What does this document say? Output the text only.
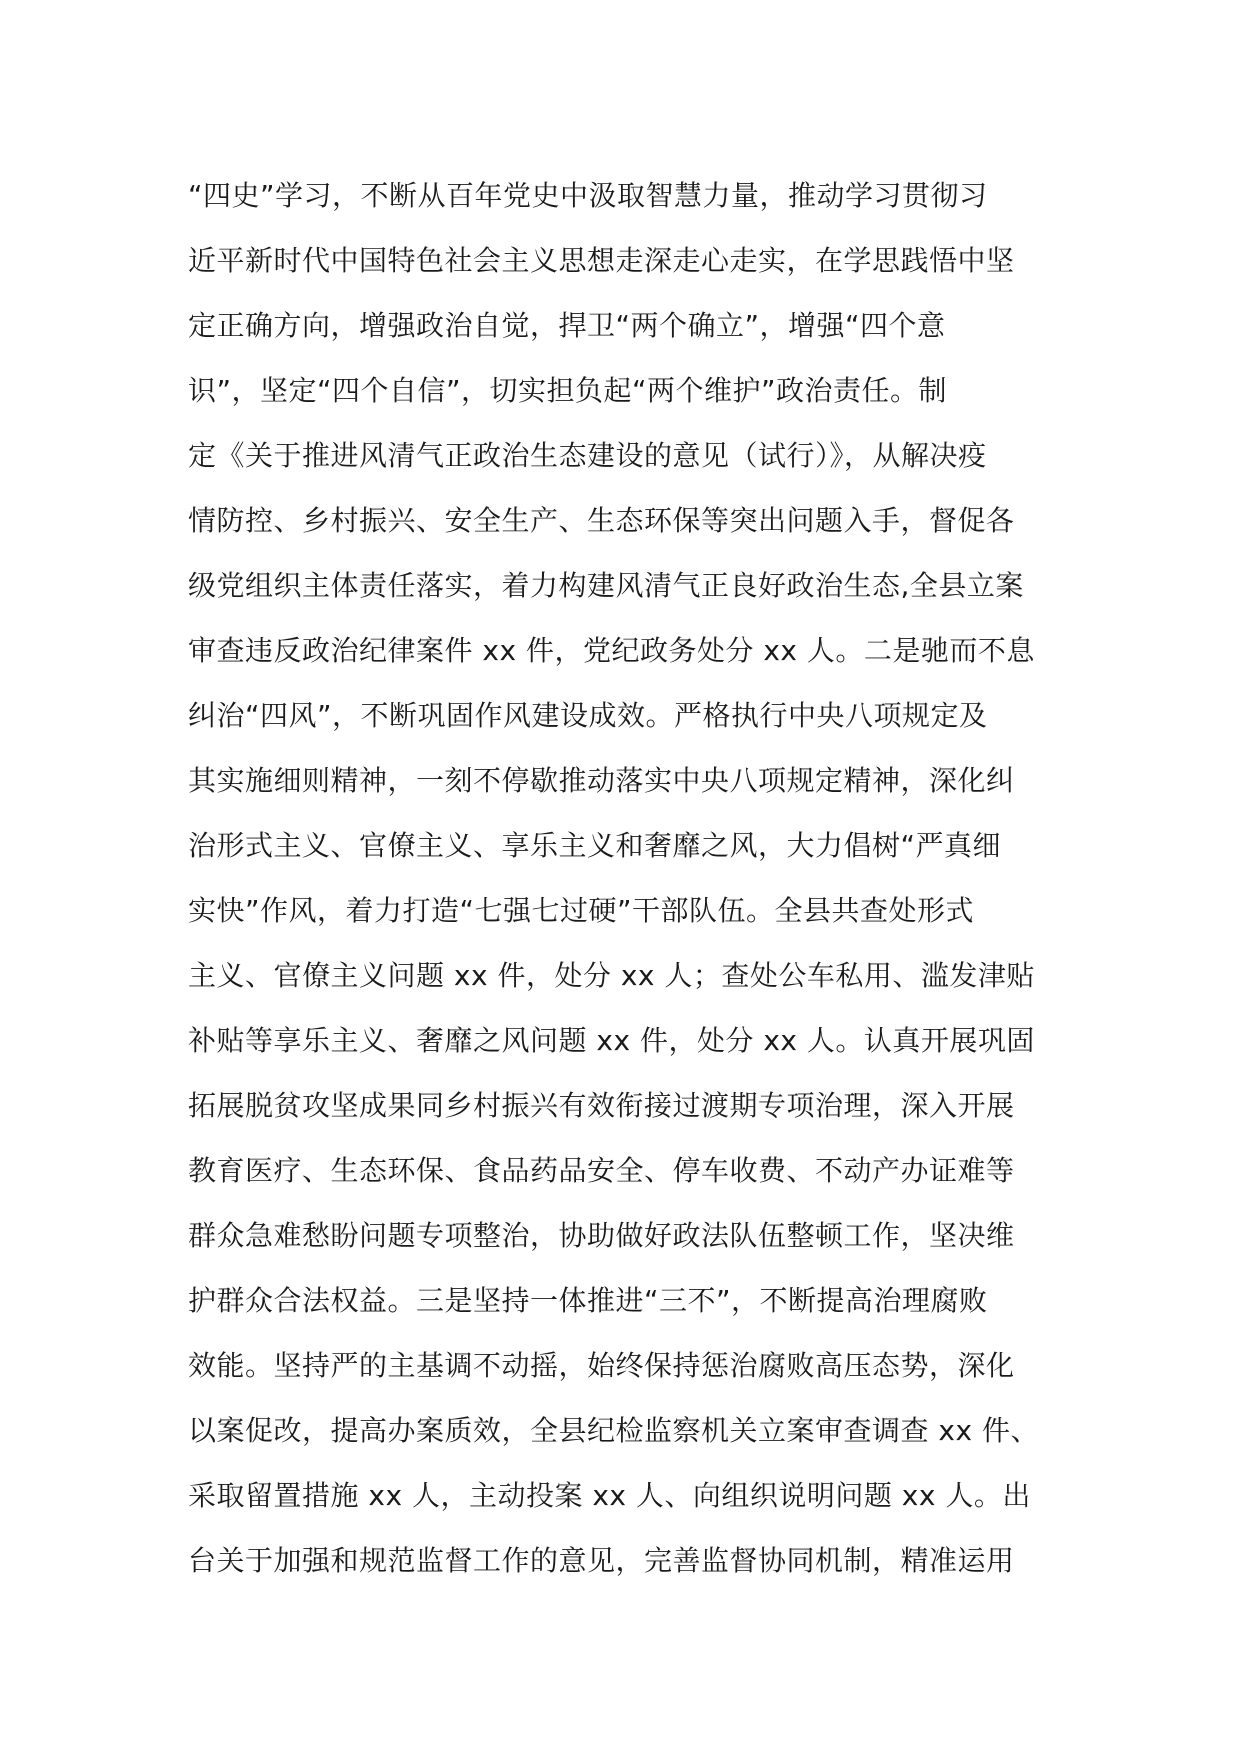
“四史”学习，不断从百年党史中汲取智慧力量，推动学习贯彻习
近平新时代中国特色社会主义思想走深走心走实，在学思践悟中坚
定正确方向，增强政治自觉，捍卫“两个确立”，增强“四个意
识”，坚定“四个自信”，切实担负起“两个维护”政治责任。制
定《关于推进风清气正政治生态建设的意见（试行）》，从解决疫
情防控、乡村振兴、安全生产、生态环保等突出问题入手，督促各
级党组织主体责任落实，着力构建风清气正良好政治生态,全县立案
审查违反政治纪律案件 xx 件，党纪政务处分 xx 人。二是驰而不息
纠治“四风”，不断巩固作风建设成效。严格执行中央八项规定及
其实施细则精神，一刻不停歇推动落实中央八项规定精神，深化纠
治形式主义、官僚主义、享乐主义和奢靡之风，大力倡树“严真细
实快”作风，着力打造“七强七过硬”干部队伍。全县共查处形式
主义、官僚主义问题 xx 件，处分 xx 人；查处公车私用、滥发津贴
补贴等享乐主义、奢靡之风问题 xx 件，处分 xx 人。认真开展巩固
拓展脱贫攻坚成果同乡村振兴有效衔接过渡期专项治理，深入开展
教育医疗、生态环保、食品药品安全、停车收费、不动产办证难等
群众急难愁盼问题专项整治，协助做好政法队伍整顿工作，坚决维
护群众合法权益。三是坚持一体推进“三不”，不断提高治理腐败
效能。坚持严的主基调不动摇，始终保持惩治腐败高压态势，深化
以案促改，提高办案质效，全县纪检监察机关立案审查调查 xx 件、
采取留置措施 xx 人，主动投案 xx 人、向组织说明问题 xx 人。出
台关于加强和规范监督工作的意见，完善监督协同机制，精准运用
